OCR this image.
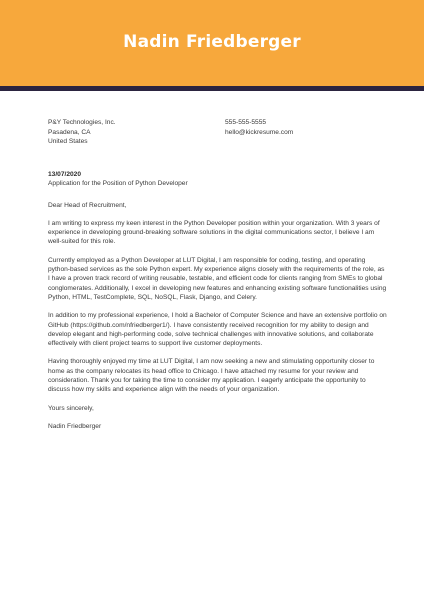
Nadin Friedberger
P&Y Technologies, Inc.
Pasadena, CA
United States
555-555-5555
hello@kickresume.com
13/07/2020
Application for the Position of Python Developer
Dear Head of Recruitment,

I am writing to express my keen interest in the Python Developer position within your organization. With 3 years of experience in developing ground-breaking software solutions in the digital communications sector, I believe I am well-suited for this role.

Currently employed as a Python Developer at LUT Digital, I am responsible for coding, testing, and operating python-based services as the sole Python expert. My experience aligns closely with the requirements of the role, as I have a proven track record of writing reusable, testable, and efficient code for clients ranging from SMEs to global conglomerates. Additionally, I excel in developing new features and enhancing existing software functionalities using Python, HTML, TestComplete, SQL, NoSQL, Flask, Django, and Celery.

In addition to my professional experience, I hold a Bachelor of Computer Science and have an extensive portfolio on GitHub (https://github.com/nfriedberger1/). I have consistently received recognition for my ability to design and develop elegant and high-performing code, solve technical challenges with innovative solutions, and collaborate effectively with client project teams to support live customer deployments.

Having thoroughly enjoyed my time at LUT Digital, I am now seeking a new and stimulating opportunity closer to home as the company relocates its head office to Chicago. I have attached my resume for your review and consideration. Thank you for taking the time to consider my application. I eagerly anticipate the opportunity to discuss how my skills and experience align with the needs of your organization.

Yours sincerely,
Nadin Friedberger
